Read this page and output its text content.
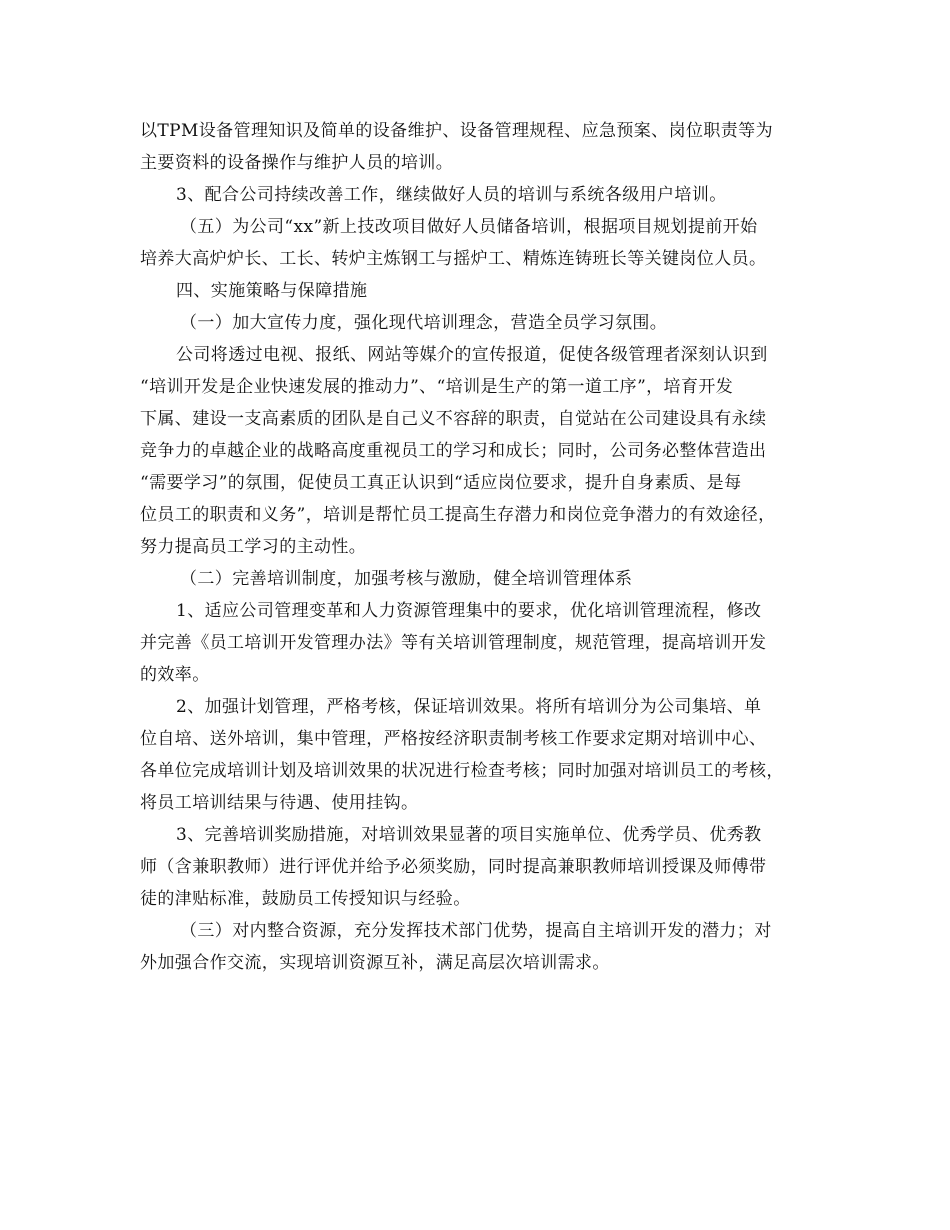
以TPM设备管理知识及简单的设备维护、设备管理规程、应急预案、岗位职责等为
主要资料的设备操作与维护人员的培训。
3、配合公司持续改善工作，继续做好人员的培训与系统各级用户培训。
（五）为公司“xx”新上技改项目做好人员储备培训，根据项目规划提前开始
培养大高炉炉长、工长、转炉主炼钢工与摇炉工、精炼连铸班长等关键岗位人员。
四、实施策略与保障措施
（一）加大宣传力度，强化现代培训理念，营造全员学习氛围。
公司将透过电视、报纸、网站等媒介的宣传报道，促使各级管理者深刻认识到
“培训开发是企业快速发展的推动力”、“培训是生产的第一道工序”，培育开发
下属、建设一支高素质的团队是自己义不容辞的职责，自觉站在公司建设具有永续
竞争力的卓越企业的战略高度重视员工的学习和成长；同时，公司务必整体营造出
“需要学习”的氛围，促使员工真正认识到“适应岗位要求，提升自身素质、是每
位员工的职责和义务”，培训是帮忙员工提高生存潜力和岗位竞争潜力的有效途径，
努力提高员工学习的主动性。
（二）完善培训制度，加强考核与激励，健全培训管理体系
1、适应公司管理变革和人力资源管理集中的要求，优化培训管理流程，修改
并完善《员工培训开发管理办法》等有关培训管理制度，规范管理，提高培训开发
的效率。
2、加强计划管理，严格考核，保证培训效果。将所有培训分为公司集培、单
位自培、送外培训，集中管理，严格按经济职责制考核工作要求定期对培训中心、
各单位完成培训计划及培训效果的状况进行检查考核；同时加强对培训员工的考核，
将员工培训结果与待遇、使用挂钩。
3、完善培训奖励措施，对培训效果显著的项目实施单位、优秀学员、优秀教
师（含兼职教师）进行评优并给予必须奖励，同时提高兼职教师培训授课及师傅带
徒的津贴标准，鼓励员工传授知识与经验。
（三）对内整合资源，充分发挥技术部门优势，提高自主培训开发的潜力；对
外加强合作交流，实现培训资源互补，满足高层次培训需求。
